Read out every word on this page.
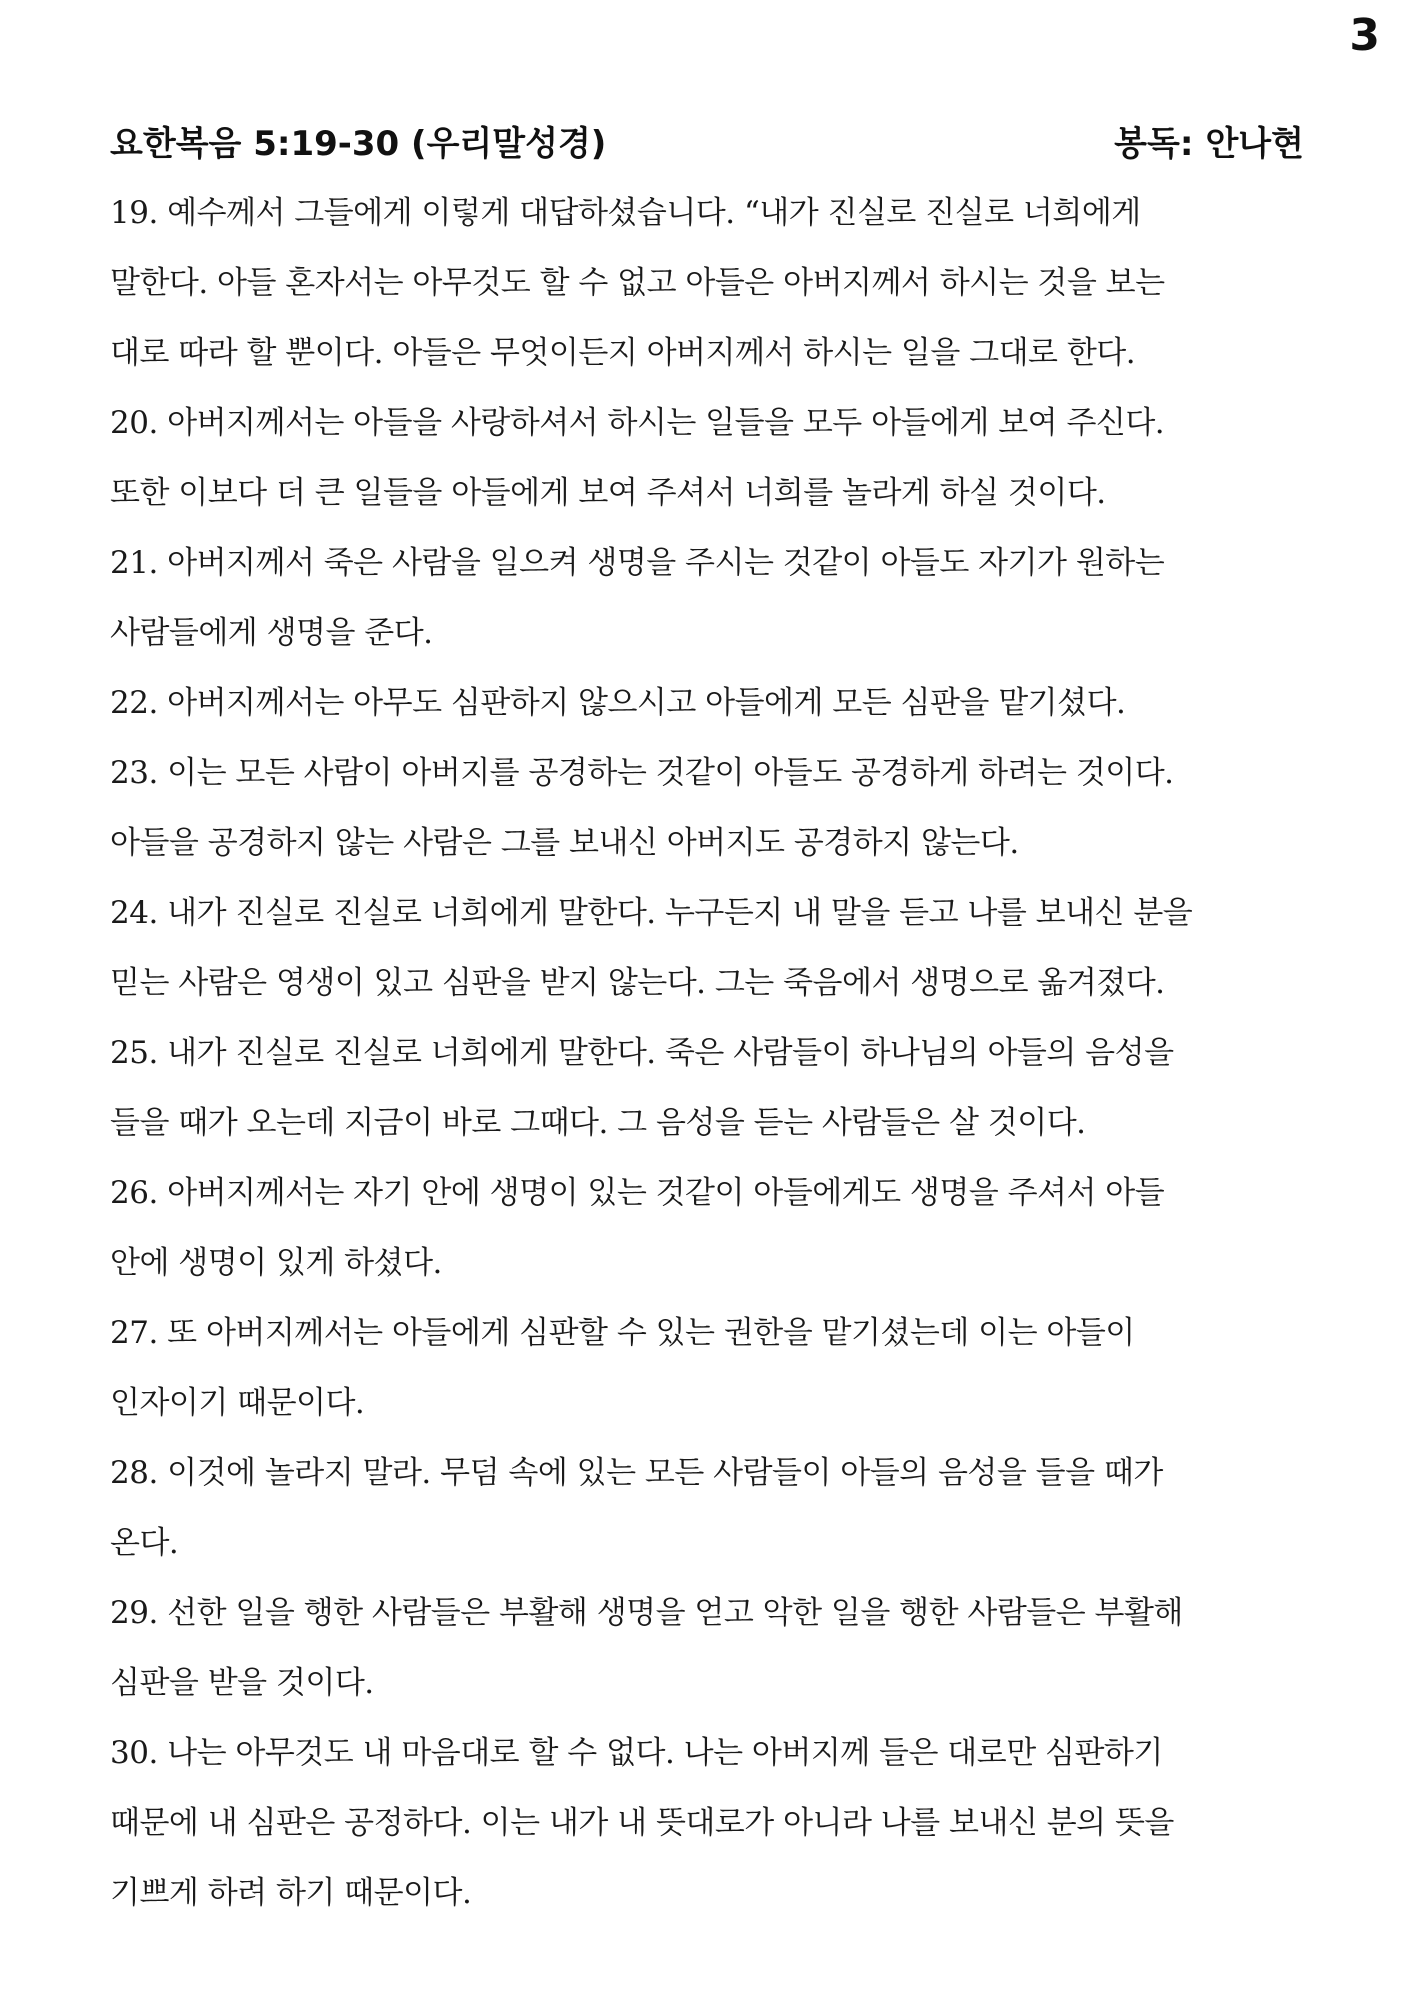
3
요한복음 5:19-30 (우리말성경)	봉독: 안나현
19. 예수께서 그들에게 이렇게 대답하셨습니다. “내가 진실로 진실로 너희에게
말한다. 아들 혼자서는 아무것도 할 수 없고 아들은 아버지께서 하시는 것을 보는
대로 따라 할 뿐이다. 아들은 무엇이든지 아버지께서 하시는 일을 그대로 한다.
20. 아버지께서는 아들을 사랑하셔서 하시는 일들을 모두 아들에게 보여 주신다.
또한 이보다 더 큰 일들을 아들에게 보여 주셔서 너희를 놀라게 하실 것이다.
21. 아버지께서 죽은 사람을 일으켜 생명을 주시는 것같이 아들도 자기가 원하는
사람들에게 생명을 준다.
22. 아버지께서는 아무도 심판하지 않으시고 아들에게 모든 심판을 맡기셨다.
23. 이는 모든 사람이 아버지를 공경하는 것같이 아들도 공경하게 하려는 것이다.
아들을 공경하지 않는 사람은 그를 보내신 아버지도 공경하지 않는다.
24. 내가 진실로 진실로 너희에게 말한다. 누구든지 내 말을 듣고 나를 보내신 분을
믿는 사람은 영생이 있고 심판을 받지 않는다. 그는 죽음에서 생명으로 옮겨졌다.
25. 내가 진실로 진실로 너희에게 말한다. 죽은 사람들이 하나님의 아들의 음성을
들을 때가 오는데 지금이 바로 그때다. 그 음성을 듣는 사람들은 살 것이다.
26. 아버지께서는 자기 안에 생명이 있는 것같이 아들에게도 생명을 주셔서 아들
안에 생명이 있게 하셨다.
27. 또 아버지께서는 아들에게 심판할 수 있는 권한을 맡기셨는데 이는 아들이
인자이기 때문이다.
28. 이것에 놀라지 말라. 무덤 속에 있는 모든 사람들이 아들의 음성을 들을 때가
온다.
29. 선한 일을 행한 사람들은 부활해 생명을 얻고 악한 일을 행한 사람들은 부활해
심판을 받을 것이다.
30. 나는 아무것도 내 마음대로 할 수 없다. 나는 아버지께 들은 대로만 심판하기
때문에 내 심판은 공정하다. 이는 내가 내 뜻대로가 아니라 나를 보내신 분의 뜻을
기쁘게 하려 하기 때문이다.
